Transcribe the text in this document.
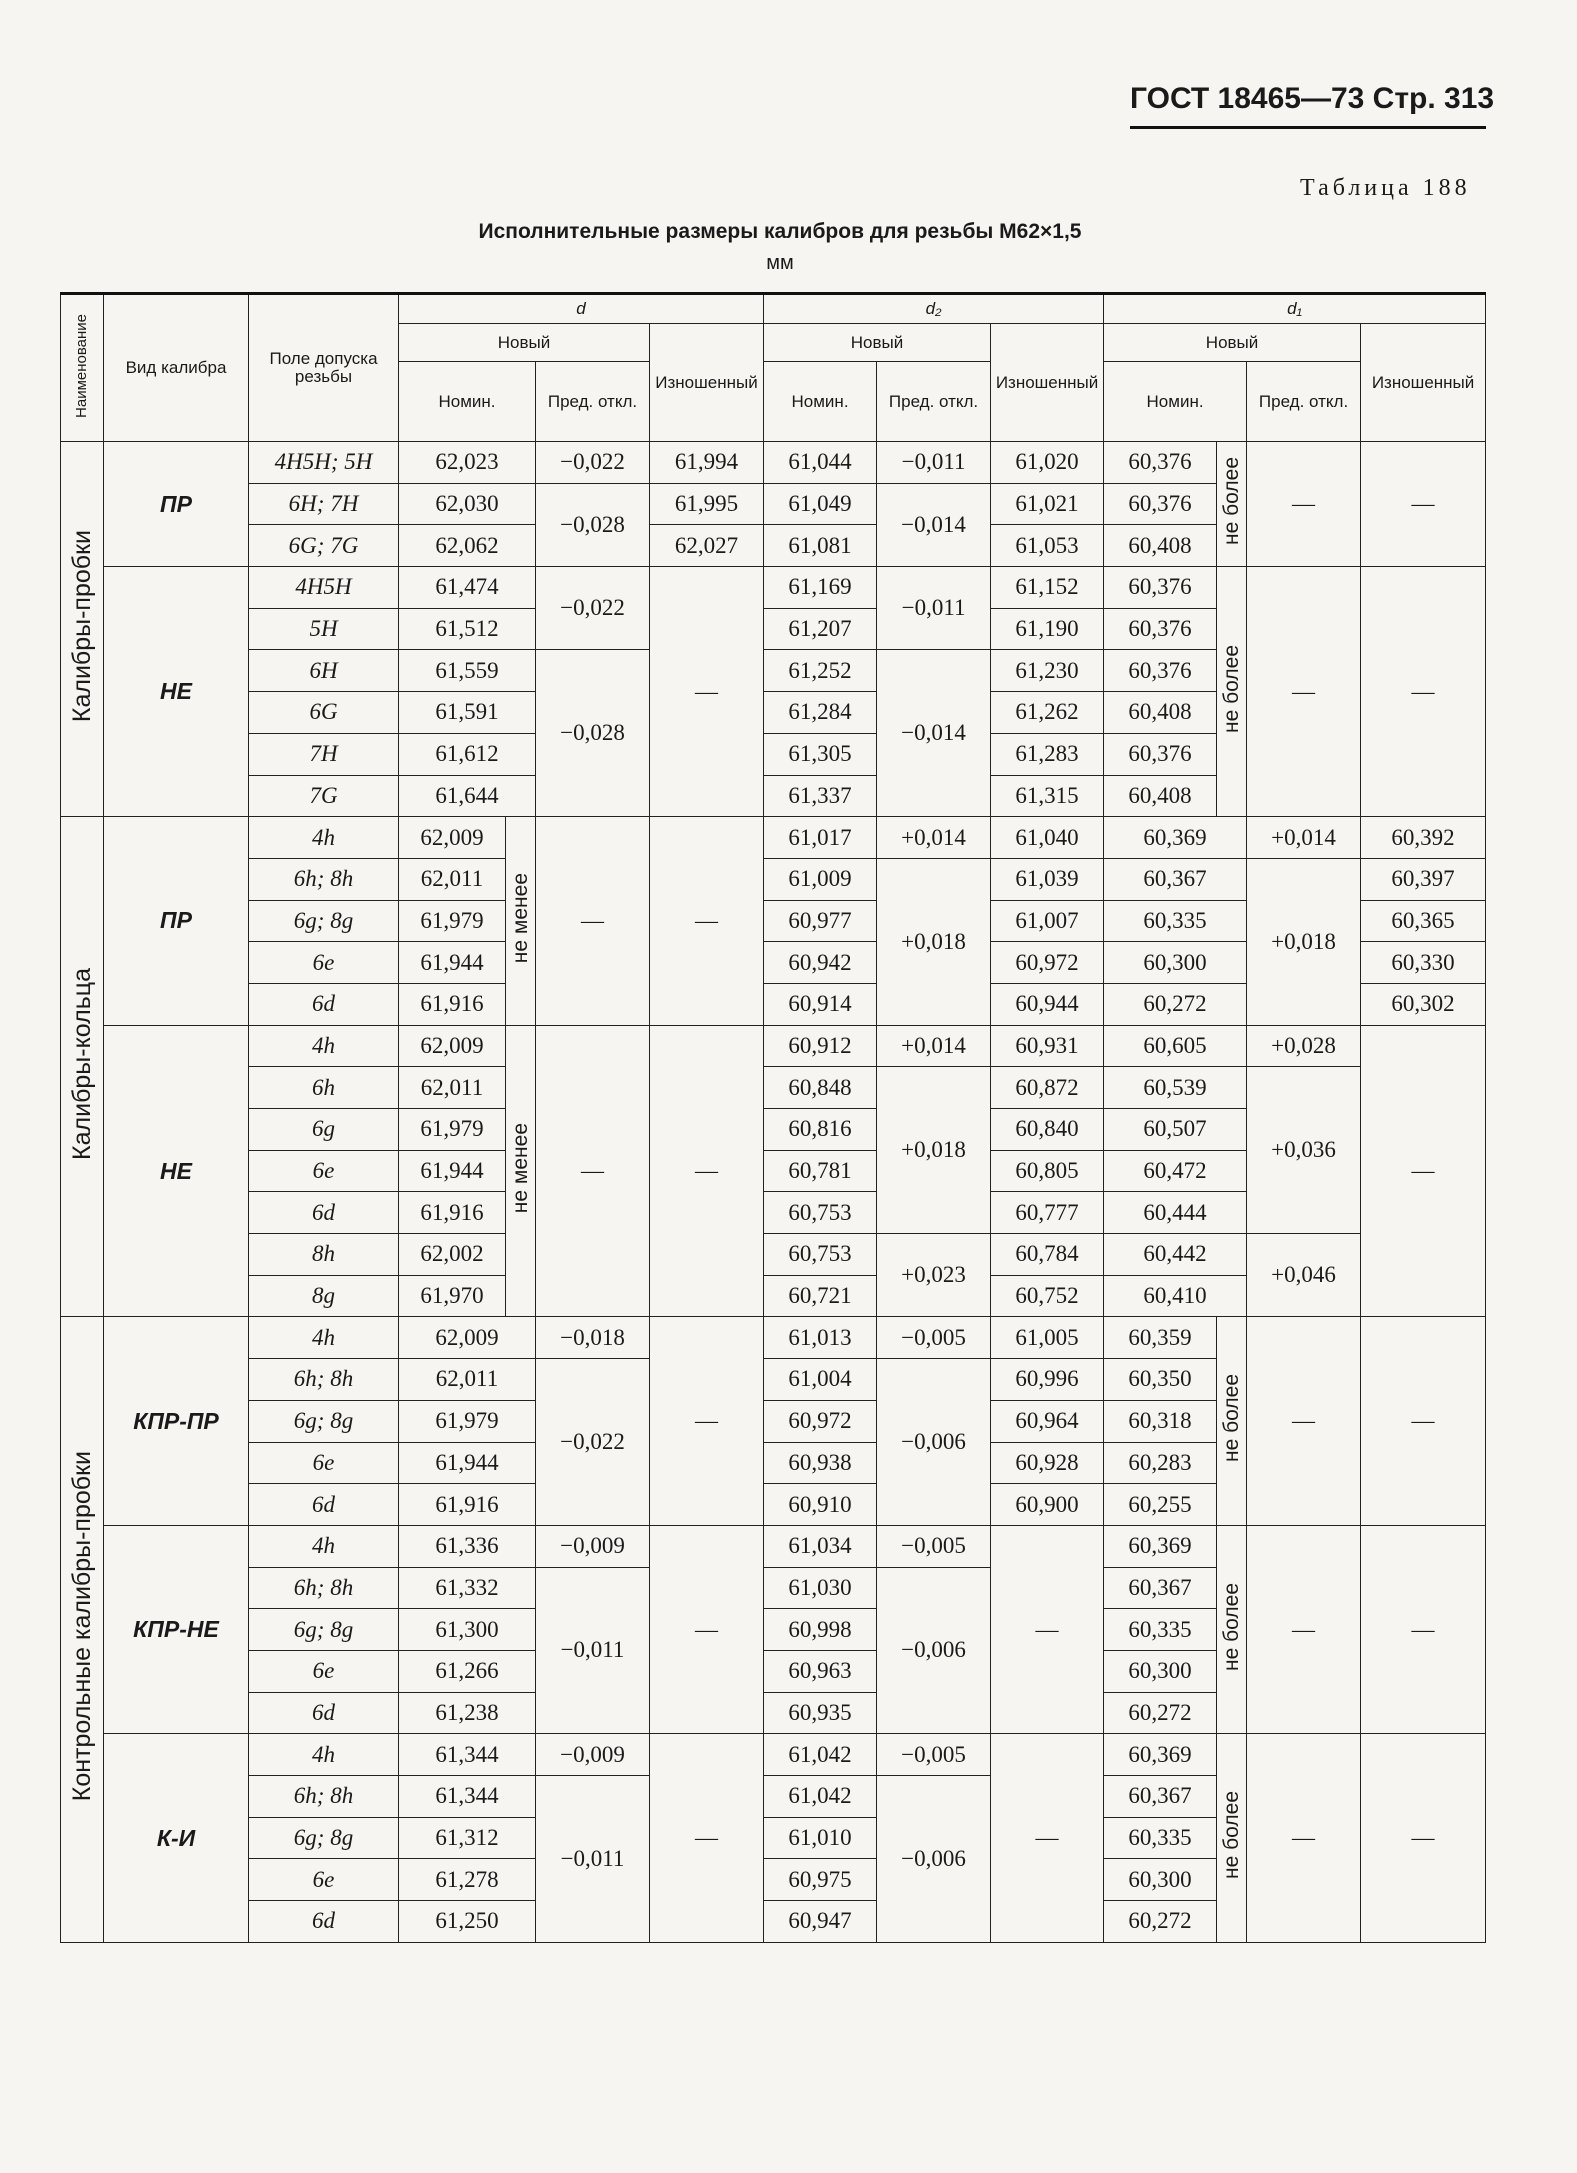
ГОСТ 18465—73 Стр. 313
Таблица 188
Исполнительные размеры калибров для резьбы M62×1,5
мм
Наименование	Вид калибра	Поле допуска резьбы	d				d₂			d₁			
			Новый			Изношенный	Новый		Изношенный	Новый			Изношенный
			Номин.		Пред. откл.		Номин.	Пред. откл.		Номин.		Пред. откл.	
Калибры-пробки	ПР	4H5H; 5H	62,023		−0,022	61,994	61,044	−0,011	61,020	60,376	не более	—	—
		6H; 7H	62,030		−0,028	61,995	61,049	−0,014	61,021	60,376			
		6G; 7G	62,062			62,027	61,081		61,053	60,408			
	НЕ	4H5H	61,474		−0,022	—	61,169	−0,011	61,152	60,376	не более	—	—
		5H	61,512				61,207		61,190	60,376			
		6H	61,559		−0,028		61,252	−0,014	61,230	60,376			
		6G	61,591				61,284		61,262	60,408			
		7H	61,612				61,305		61,283	60,376			
		7G	61,644				61,337		61,315	60,408			
Калибры-кольца	ПР	4h	62,009	не менее	—	—	61,017	+0,014	61,040	60,369		+0,014	60,392
		6h; 8h	62,011				61,009	+0,018	61,039	60,367		+0,018	60,397
		6g; 8g	61,979				60,977		61,007	60,335			60,365
		6e	61,944				60,942		60,972	60,300			60,330
		6d	61,916				60,914		60,944	60,272			60,302
	НЕ	4h	62,009	не менее	—	—	60,912	+0,014	60,931	60,605		+0,028	—
		6h	62,011				60,848	+0,018	60,872	60,539		+0,036	
		6g	61,979				60,816		60,840	60,507			
		6e	61,944				60,781		60,805	60,472			
		6d	61,916				60,753		60,777	60,444			
		8h	62,002				60,753	+0,023	60,784	60,442		+0,046	
		8g	61,970				60,721		60,752	60,410			
Контрольные калибры-пробки	КПР-ПР	4h	62,009		−0,018	—	61,013	−0,005	61,005	60,359	не более	—	—
		6h; 8h	62,011		−0,022		61,004	−0,006	60,996	60,350			
		6g; 8g	61,979				60,972		60,964	60,318			
		6e	61,944				60,938		60,928	60,283			
		6d	61,916				60,910		60,900	60,255			
	КПР-НЕ	4h	61,336		−0,009	—	61,034	−0,005	—	60,369	не более	—	—
		6h; 8h	61,332		−0,011		61,030	−0,006		60,367			
		6g; 8g	61,300				60,998			60,335			
		6e	61,266				60,963			60,300			
		6d	61,238				60,935			60,272			
	К-И	4h	61,344		−0,009	—	61,042	−0,005	—	60,369	не более	—	—
		6h; 8h	61,344		−0,011		61,042	−0,006		60,367			
		6g; 8g	61,312				61,010			60,335			
		6e	61,278				60,975			60,300			
		6d	61,250				60,947			60,272			
